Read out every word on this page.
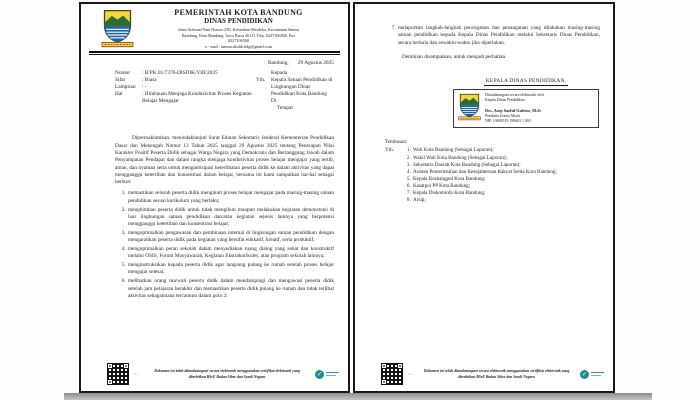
PEMERINTAH KOTA BANDUNG
DINAS PENDIDIKAN
Jalan Achmad Yani Nomor 239, Kelurahan Merdeka, Kecamatan Sumur
Bandung, Kota Bandung, Jawa Barat 40113 Telp. 0227106568, Fax
0227106568
e - mail : umum.disdik.bdg@gmail.com
Bandung, 29 Agustus 2025
Nomor	: B/PK.01/7370-DISDIK/VIII/2025
Sifat	: Biasa
Lampiran	: -
Hal	: Himbauan Menjaga Kondusivitas Proses Kegiatan Belajar Mengajar
Kepada
Yth.	Kepala Satuan Pendidikan di Lingkungan Dinas Pendidikan Kota Bandung
Di
Tempat
Dipermaklumkan, menindaklanjuti Surat Edaran Sekretaris Jenderal Kementerian Pendidikan Dasar dan Menengah Nomor 13 Tahun 2025 tanggal 29 Agustus 2025 tentang Penerapan Nilai Karakter Positif Peserta Didik sebagai Warga Negara yang Demokratis dan Bertanggung Jawab dalam Penyampaian Pendapat dan dalam rangka menjaga kondusivitas proses belajar mengajar yang tertib, aman, dan nyaman serta untuk mengantisipasi keterlibatan peserta didik ke dalam aktivitas yang dapat mengganggu ketertiban dan konsentrasi dalam belajar, bersama ini kami sampaikan hal-hal sebagai berikut:
1. memastikan seluruh peserta didik mengikuti proses belajar mengajar pada masing-masing satuan pendidikan sesuai kurikulum yang berlaku;
2. menghimbau peserta didik untuk tidak mengikuti maupun melakukan kegiatan demonstrasi di luar lingkungan satuan pendidikan dan/atau kegiatan sejenis lainnya yang berpotensi mengganggu ketertiban dan konsentrasi belajar;
3. mengoptimalkan pengawasan dan pembinaan internal di lingkungan satuan pendidikan dengan mengarahkan peserta didik pada kegiatan yang bersifat edukatif, kreatif, serta produktif;
4. mengoptimalkan peran sekolah dalam menyediakan ruang dialog yang sehat dan konstruktif melalui OSIS, Forum Musyawarah, Kegiatan Ekstrakurikuler, atau program sekolah lainnya;
5. menginstruksikan kepada peserta didik agar langsung pulang ke rumah setelah proses belajar mengajar selesai;
6. melibatkan orang tua/wali peserta didik dalam mendampingi dan mengawasi peserta didik setelah jam pelajaran berakhir dan memastikan peserta didik pulang ke rumah dan tidak terlibat aktivitas sebagaimana tercantum dalam poin 2;
^ ~
Dokumen ini telah ditandatangani secara elektronik menggunakan sertifikat elektronik yang
diterbitkan BSrE Badan Siber dan Sandi Negara	✓
7. melaporkan langkah-langkah pencegahan dan penanganan yang dilakukan masing-masing satuan pendidikan kepada Kepala Dinas Pendidikan melalui Sekretaris Dinas Pendidikan, secara berkala dan sewaktu-waktu jika diperlukan.
Demikian disampaikan, untuk menjadi perhatian.
KEPALA DINAS PENDIDIKAN,
Ditandatangani secara elektronik oleh
Kepala Dinas Pendidikan
Drs. Asep Saeful Gufron, M.Si
Pembina Utama Muda
NIP. 19690519 199603 1 003
Tembusan:
Yth.	1. Wali Kota Bandung (Sebagai Laporan);
2. Wakil Wali Kota Bandung (Sebagai Laporan);
3. Sekretaris Daerah Kota Bandung (Sebagai Laporan);
4. Asisten Pemerintahan dan Kesejahteraan Rakyat Setda Kota Bandung;
5. Kepala Kesbangpol Kota Bandung;
6. Kasatpol PP Kota Bandung;
7. Kepala Diskominfo Kota Bandung;
8. Arsip;
^ ~
Dokumen ini telah ditandatangani secara elektronik menggunakan sertifikat elektronik yang
diterbitkan BSrE Badan Siber dan Sandi Negara	✓
